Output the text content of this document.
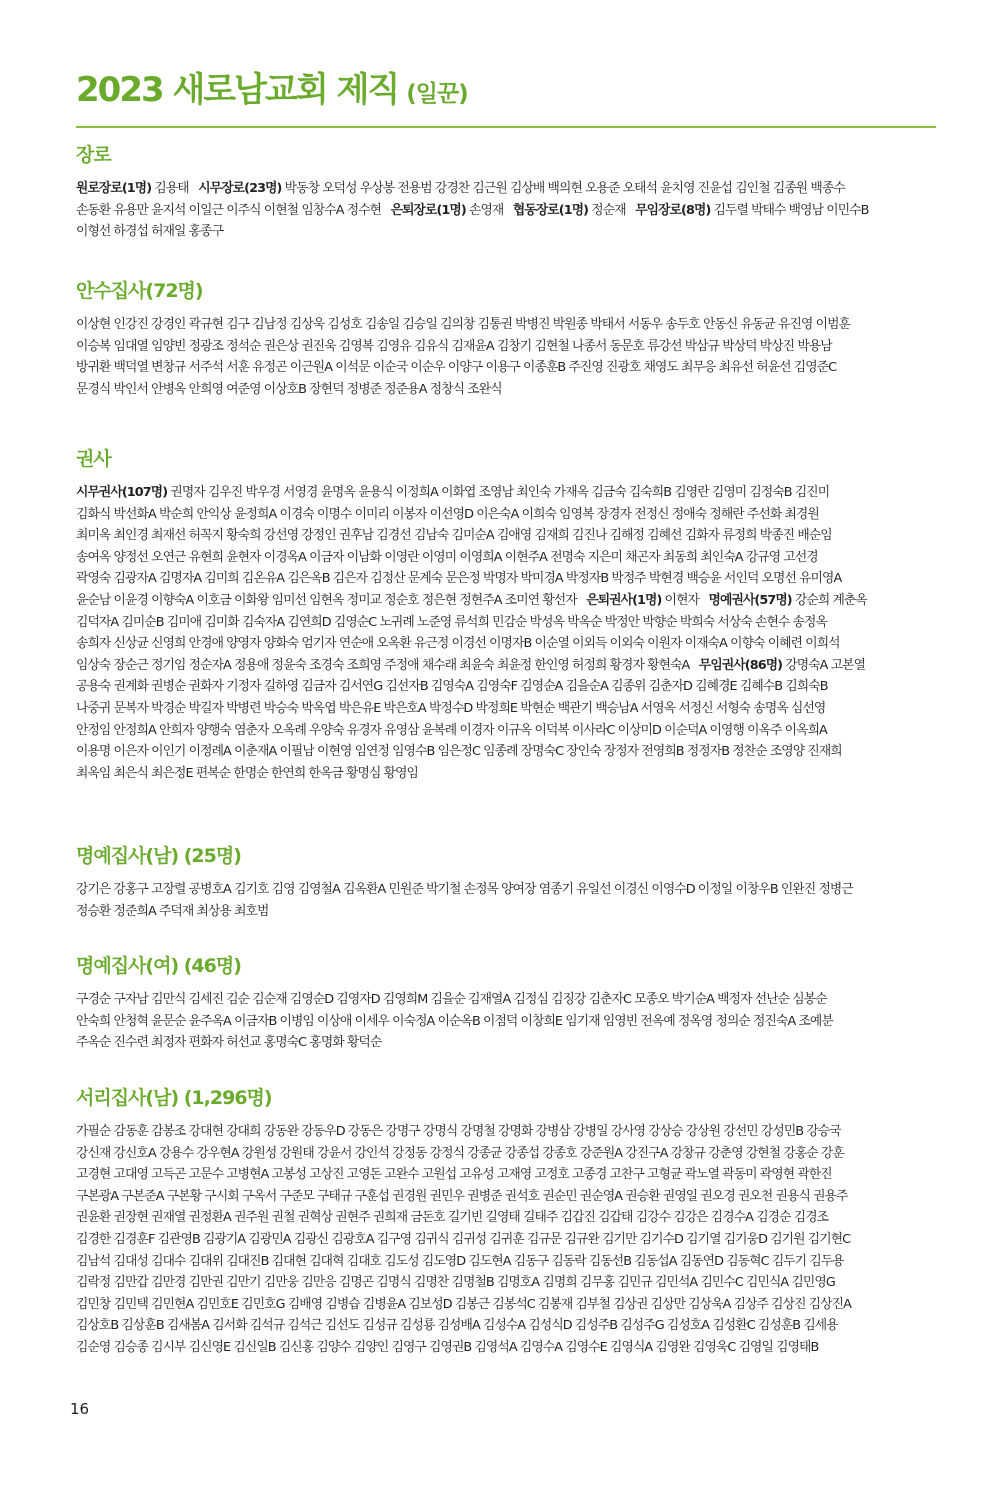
2023 새로남교회 제직 (일꾼)
장로
원로장로(1명) 김용태   시무장로(23명) 박동창 오덕성 우상봉 전용범 강경찬 김근원 김상배 백의현 오용준 오태석 윤치영 진윤섭 김인철 김종원 백종수
손동환 유용만 윤지석 이일근 이주식 이현철 임창수A 정수현   은퇴장로(1명) 손영재   협동장로(1명) 정순재   무임장로(8명) 김두렬 박태수 백영남 이민수B
이형선 하경섭 허재일 홍종구
안수집사(72명)
이상현 인강진 강경인 곽규현 김구 김남정 김상욱 김성호 김송일 김승일 김의창 김통권 박병진 박원종 박태서 서동우 송두호 안동신 유동균 유진영 이범훈
이승복 임대열 임양빈 정광조 정석순 권은상 권진욱 김영복 김영유 김유식 김재윤A 김창기 김현철 나종서 동문호 류강선 박삼규 박상덕 박상진 박용남
방귀환 백덕열 변창규 서주석 서훈 유정곤 이근원A 이석문 이순국 이순우 이양구 이용구 이종훈B 주진영 진광호 채영도 최무응 최유선 허윤선 김영준C
문경식 박인서 안병옥 안희영 여준영 이상호B 장현덕 정병준 정준용A 정창식 조완식
권사
시무권사(107명) 권명자 김우진 박우경 서영경 윤명옥 윤용식 이정희A 이화엽 조영남 최인숙 가재옥 김금숙 김숙희B 김영란 김영미 김정숙B 김진미
김화식 박선화A 박순희 안익상 윤정희A 이경숙 이명수 이미리 이봉자 이선영D 이은숙A 이희숙 임영복 장경자 전정신 정애숙 정해란 주선화 최경원
최미옥 최인경 최재선 허꼭지 황숙희 강선영 강정인 권후남 김경선 김남숙 김미순A 김애영 김재희 김진나 김해정 김혜선 김화자 류정희 박종진 배순임
송여옥 양정선 오연근 유현희 윤현자 이경옥A 이금자 이남화 이영란 이영미 이영희A 이현주A 전명숙 지은미 채곤자 최동희 최인숙A 강규영 고선경
곽영숙 김광자A 김명자A 김미희 김온유A 김은옥B 김은자 김정산 문계숙 문은정 박명자 박미경A 박정자B 박정주 박현경 백승윤 서인덕 오명선 유미영A
윤순남 이윤경 이향숙A 이호금 이화왕 임미선 임현옥 정미교 정순호 정은현 정현주A 조미연 황선자   은퇴권사(1명) 이현자   명예권사(57명) 강순희 계춘옥
김덕자A 김미순B 김미애 김미화 김숙자A 김연희D 김영순C 노귀례 노준영 류석희 민감순 박성옥 박옥순 박정안 박향순 박희숙 서상숙 손현수 송정옥
송희자 신상균 신영희 안경애 양영자 양화숙 엄기자 연순애 오옥환 유근정 이경선 이명자B 이순열 이외득 이외숙 이원자 이재숙A 이향숙 이혜련 이희석
임상숙 장순근 정기임 정순자A 정용애 정윤숙 조경숙 조희영 주정애 채수래 최윤숙 최윤정 한인영 허정희 황경자 황현숙A   무임권사(86명) 강명숙A 고본열
공용숙 권계화 권병순 권화자 기정자 길하영 김금자 김서연G 김선자B 김영숙A 김영숙F 김영순A 김을순A 김종위 김춘자D 김혜경E 김혜수B 김희숙B
나중귀 문복자 박경순 박길자 박병련 박승숙 박옥엽 박은유E 박은호A 박정수D 박정희E 박현순 백관기 백승남A 서영옥 서정신 서형숙 송명옥 심선영
안정임 안정희A 안희자 양행숙 염춘자 오옥례 우양숙 유경자 유영삼 윤복례 이경자 이규옥 이덕복 이사라C 이상미D 이순덕A 이영행 이옥주 이옥희A
이용명 이은자 이인기 이정례A 이춘재A 이필남 이현영 임연정 임영수B 임은정C 임종례 장명숙C 장인숙 장정자 전영희B 정정자B 정찬순 조영양 진재희
최옥임 최은식 최은정E 편복순 한명순 한연희 한옥금 황명심 황영임
명예집사(남) (25명)
강기은 강홍구 고장렬 공병호A 김기호 김영 김영철A 김옥환A 민원준 박기철 손정목 양여장 염종기 유일선 이경신 이영수D 이정일 이창우B 인완진 정병근
정승환 정준희A 주덕재 최상용 최호범
명예집사(여) (46명)
구경순 구자남 김만식 김세진 김순 김순재 김영순D 김영자D 김영희M 김을순 김재열A 김정심 김징강 김춘자C 모종오 박기순A 백정자 선난순 심봉순
안숙희 안청혁 윤문순 윤주옥A 이금자B 이병임 이상애 이세우 이숙정A 이순옥B 이점덕 이창희E 임기재 임영빈 전옥예 정옥영 정의순 정진숙A 조예분
주옥순 진수련 최정자 편화자 허선교 홍명숙C 홍명화 황덕순
서리집사(남) (1,296명)
가필순 감동훈 감봉조 강대현 강대희 강동완 강동우D 강동은 강명구 강명식 강명철 강명화 강병삼 강병일 강사영 강상승 강상원 강선민 강성민B 강승국
강신재 강신호A 강용수 강우현A 강원성 강원태 강윤서 강인석 강정동 강정식 강종균 강종섭 강종호 강준원A 강진구A 강창규 강춘영 강현철 강홍순 강훈
고경현 고대영 고득곤 고문수 고병현A 고봉성 고상진 고영돈 고완수 고원섭 고유성 고재영 고정호 고종경 고찬구 고형균 곽노열 곽동미 곽영현 곽한진
구본광A 구본준A 구본황 구시회 구옥서 구준모 구태규 구훈섭 권경원 권민우 권병준 권석호 권순민 권순영A 권승환 권영일 권오경 권오천 권용식 권용주
권윤환 권장현 권재열 권정환A 권주원 권철 권혁상 권현주 권희재 금돈호 길기빈 길영태 길태주 김갑진 김갑태 김강수 김강은 김경수A 김경순 김경조
김경한 김경훈F 김관영B 김광기A 김광민A 김광신 김광호A 김구영 김귀식 김귀성 김귀훈 김규문 김규완 김기만 김기수D 김기열 김기웅D 김기원 김기현C
김남석 김대성 김대수 김대위 김대진B 김대현 김대혁 김대호 김도성 김도영D 김도현A 김동구 김동락 김동선B 김동섭A 김동연D 김동혁C 김두기 김두용
김락정 김만갑 김만경 김만권 김만기 김만웅 김만응 김명곤 김명식 김명찬 김명철B 김명호A 김명희 김무홍 김민규 김민석A 김민수C 김민식A 김민영G
김민창 김민택 김민현A 김민호E 김민호G 김배영 김병습 김병윤A 김보성D 김봉근 김봉석C 김봉재 김부철 김상권 김상만 김상욱A 김상주 김상진 김상진A
김상호B 김상훈B 김새봄A 김서화 김석규 김석근 김선도 김성규 김성룡 김성배A 김성수A 김성식D 김성주B 김성주G 김성호A 김성환C 김성훈B 김세용
김순영 김승종 김시부 김신영E 김신일B 김신홍 김양수 김양인 김영구 김영권B 김영석A 김영수A 김영수E 김영식A 김영완 김영욱C 김영일 김영태B
16
